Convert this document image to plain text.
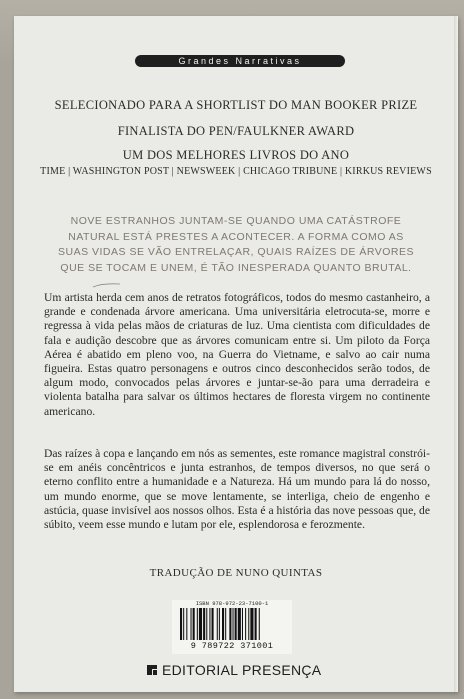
Grandes Narrativas
SELECIONADO PARA A SHORTLIST DO MAN BOOKER PRIZE
FINALISTA DO PEN/FAULKNER AWARD
UM DOS MELHORES LIVROS DO ANO
TIME | WASHINGTON POST | NEWSWEEK | CHICAGO TRIBUNE | KIRKUS REVIEWS
NOVE ESTRANHOS JUNTAM-SE QUANDO UMA CATÁSTROFE NATURAL ESTÁ PRESTES A ACONTECER. A FORMA COMO AS SUAS VIDAS SE VÃO ENTRELAÇAR, QUAIS RAÍZES DE ÁRVORES QUE SE TOCAM E UNEM, É TÃO INESPERADA QUANTO BRUTAL.
Um artista herda cem anos de retratos fotográficos, todos do mesmo castanheiro, a grande e condenada árvore americana. Uma universitária eletrocuta-se, morre e regressa à vida pelas mãos de criaturas de luz. Uma cientista com dificuldades de fala e audição descobre que as árvores comunicam entre si. Um piloto da Força Aérea é abatido em pleno voo, na Guerra do Vietname, e salvo ao cair numa figueira. Estas quatro personagens e outros cinco desconhecidos serão todos, de algum modo, convocados pelas árvores e juntar-se-ão para uma derradeira e violenta batalha para salvar os últimos hectares de floresta virgem no continente americano.
Das raízes à copa e lançando em nós as sementes, este romance magistral constrói-se em anéis concêntricos e junta estranhos, de tempos diversos, no que será o eterno conflito entre a humanidade e a Natureza. Há um mundo para lá do nosso, um mundo enorme, que se move lentamente, se interliga, cheio de engenho e astúcia, quase invisível aos nossos olhos. Esta é a história das nove pessoas que, de súbito, veem esse mundo e lutam por ele, esplendorosa e ferozmente.
TRADUÇÃO DE NUNO QUINTAS
ISBN 978-972-23-7100-1
9 789722 371001
EDITORIAL PRESENÇA
